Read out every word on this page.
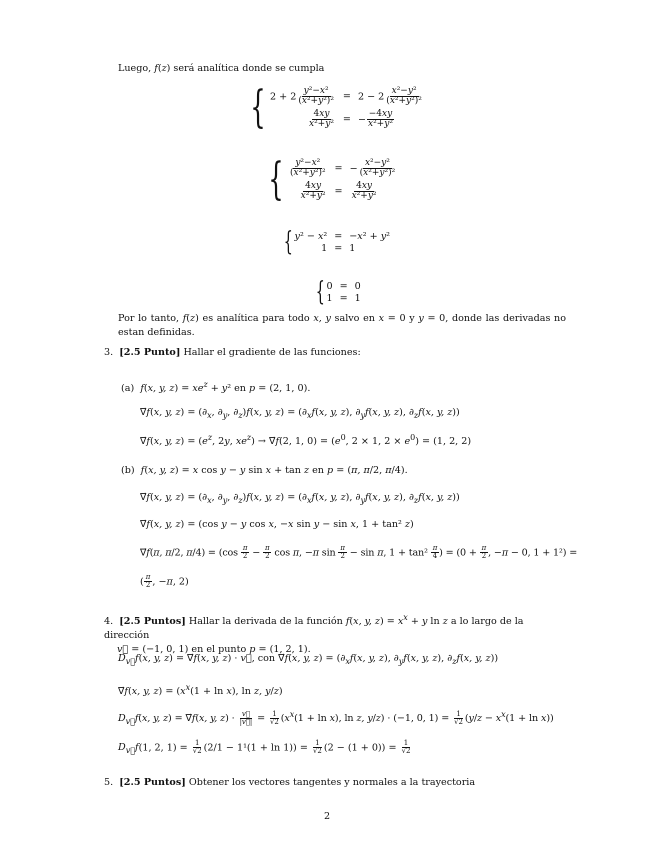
Luego, f(z) será analítica donde se cumpla
{ $2 + 2 \frac{\text{y²−x²}}{\text{(x²+y²)²}} = 2 - 2 \frac{\text{x²−y²}}{\text{(x²+y²)²}}$
$\frac{4xy}{\text{x²+y²}}$ = − $\frac{-4xy}{\text{x²+y²}}$
{ $\frac{\text{y²−x²}}{\text{(x²+y²)²}}$ = − $\frac{\text{x²−y²}}{\text{(x²+y²)²}}$
$\frac{4xy}{\text{x²+y²}} = \frac{4xy}{\text{x²+y²}}$
{ y² − x² = −x² + y²
1 = 1
{ 0 = 0
1 = 1
Por lo tanto, f(z) es analítica para todo x, y salvo en x = 0 y y = 0, donde las derivadas no estan definidas.
3. [2.5 Punto] Hallar el gradiente de las funciones:
(a) f(x, y, $z) = xe^z + y^2$ en p = (2, 1, 0).
∇⃗f(x, y, $z) = (\partial_x$, $\partial_y$, $\partial_z)f(x$, y, $z) = (\partial_xf(x$, y, z), $\partial_yf(x$, y, z), $\partial_zf(x$, y, z))
∇⃗f(x, y, $z) = (e^z$, 2y, $xe^z$) → ∇⃗f(2, 1, $0) = (e^0$, 2 × 1, $2 \times e^0) = (1$, 2, 2)
(b) f(x, y, z) = x cos y − y sin x + tan z en p = (π, π/2, π/4).
∇⃗f(x, y, $z) = (\partial_x$, $\partial_y$, $\partial_z)f(x$, y, $z) = (\partial_xf(x$, y, z), $\partial_yf(x$, y, z), $\partial_zf(x$, y, z))
∇⃗f(x, y, z) = (cos y − y cos x, −x sin y − sin x, 1 + tan² z)
∇⃗f(π, π/2, $\pi/4) = (\cos \frac{\pi}{2} - \frac{\pi}{2}$ cos π, −π $\sin \frac{\pi}{2} - \sin \pi$, $1 + \tan^2 \frac{\pi}{4}$ ) = ($0 + \frac{\pi}{2}$ , −π − 0, 1 + 1²) =
( $\frac{\pi}{2}$ , −π, 2)
4. [2.5 Puntos] Hallar la derivada de la función f(x, y, $z) = x^x + y$ ln z a lo largo de la dirección
v⃗ = (−1, 0, 1) en el punto p = (1, 2, 1).
$D_{v⃗}f(x$, y, z) = ∇⃗f(x, y, z) · v⃗, con ∇⃗f(x, y, $z) = (\partial_xf(x$, y, z), $\partial_yf(x$, y, z), $\partial_zf(x$, y, z))
∇⃗f(x, y, $z) = (x^x(1 + \ln x)$, ln z, y/z)
$D_{v⃗}f(x$, y, z) = ∇⃗f(x, y, $z) \cdot \frac{v⃗}{|v⃗|} = \frac{1}{√2} (x^x(1 + \ln x)$, ln z, y/z) · (−1, 0, $1) = \frac{1}{√2} (y/z - x^x(1 + \ln x))$
$D_{v⃗}f(1$, 2, $1) = \frac{1}{√2} (2/1 - 1^1(1 + \ln 1)) = \frac{1}{√2} (2 - (1 + 0)) = \frac{1}{√2}$
5. [2.5 Puntos] Obtener los vectores tangentes y normales a la trayectoria
2
